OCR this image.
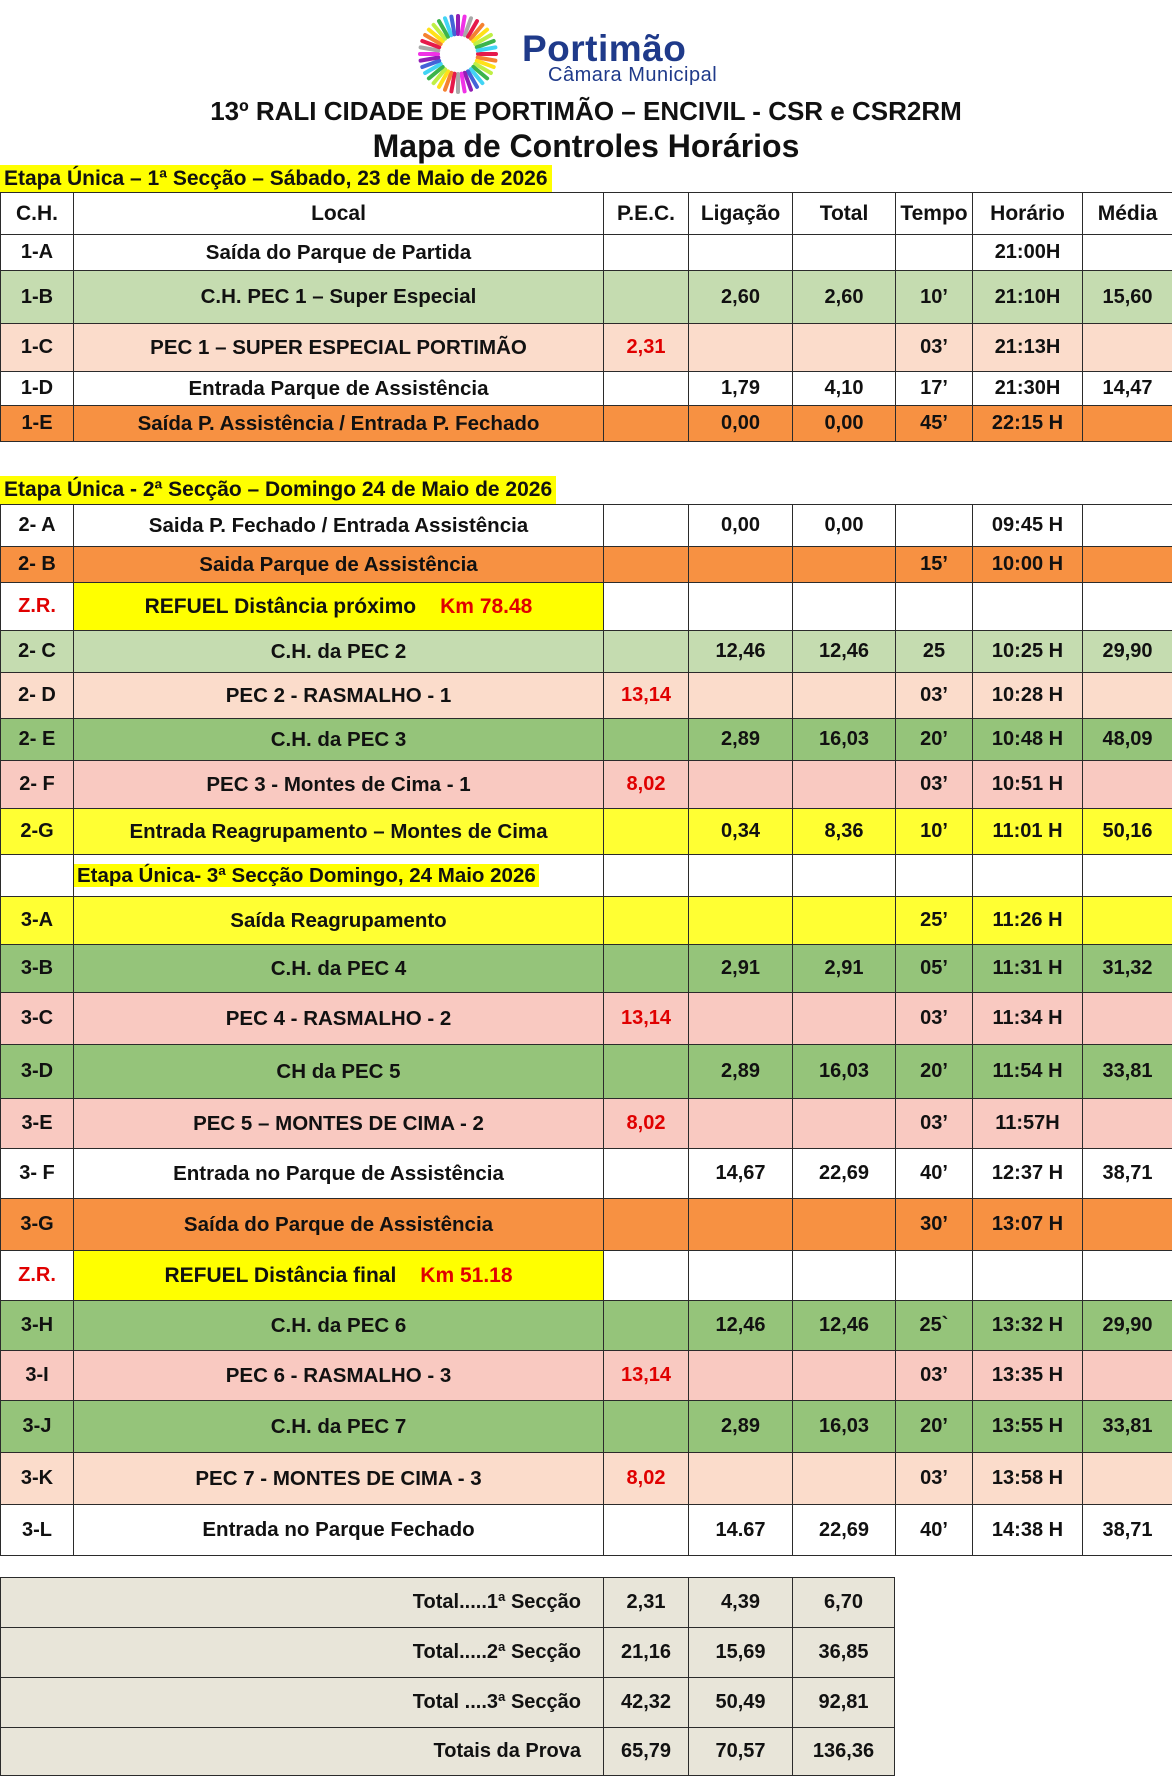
Portimão
Câmara Municipal
13º RALI CIDADE DE PORTIMÃO – ENCIVIL - CSR e CSR2RM
Mapa de Controles Horários
Etapa Única – 1ª Secção – Sábado, 23 de Maio de 2026
C.H.	Local	P.E.C.	Ligação	Total	Tempo	Horário	Média
1-A	Saída do Parque de Partida					21:00H	
1-B	C.H. PEC 1 – Super Especial		2,60	2,60	10’	21:10H	15,60
1-C	PEC 1 – SUPER ESPECIAL PORTIMÃO	2,31			03’	21:13H	
1-D	Entrada Parque de Assistência		1,79	4,10	17’	21:30H	14,47
1-E	Saída P. Assistência / Entrada P. Fechado		0,00	0,00	45’	22:15 H	
Etapa Única - 2ª Secção – Domingo 24 de Maio de 2026
2- A	Saida P. Fechado / Entrada Assistência		0,00	0,00		09:45 H	
2- B	Saida Parque de Assistência				15’	10:00 H	
Z.R.	REFUEL Distância próximo Km 78.48						
2- C	C.H. da PEC 2		12,46	12,46	25	10:25 H	29,90
2- D	PEC 2 - RASMALHO - 1	13,14			03’	10:28 H	
2- E	C.H. da PEC 3		2,89	16,03	20’	10:48 H	48,09
2- F	PEC 3 - Montes de Cima - 1	8,02			03’	10:51 H	
2-G	Entrada Reagrupamento – Montes de Cima		0,34	8,36	10’	11:01 H	50,16
	Etapa Única- 3ª Secção Domingo, 24 Maio 2026						
3-A	Saída Reagrupamento				25’	11:26 H	
3-B	C.H. da PEC 4		2,91	2,91	05’	11:31 H	31,32
3-C	PEC 4 - RASMALHO - 2	13,14			03’	11:34 H	
3-D	CH da PEC 5		2,89	16,03	20’	11:54 H	33,81
3-E	PEC 5 – MONTES DE CIMA - 2	8,02			03’	11:57H	
3- F	Entrada no Parque de Assistência		14,67	22,69	40’	12:37 H	38,71
3-G	Saída do Parque de Assistência				30’	13:07 H	
Z.R.	REFUEL Distância final Km 51.18						
3-H	C.H. da PEC 6		12,46	12,46	25`	13:32 H	29,90
3-I	PEC 6 - RASMALHO - 3	13,14			03’	13:35 H	
3-J	C.H. da PEC 7		2,89	16,03	20’	13:55 H	33,81
3-K	PEC 7 - MONTES DE CIMA - 3	8,02			03’	13:58 H	
3-L	Entrada no Parque Fechado		14.67	22,69	40’	14:38 H	38,71
Total.....1ª Secção	2,31	4,39	6,70
Total.....2ª Secção	21,16	15,69	36,85
Total ....3ª Secção	42,32	50,49	92,81
Totais da Prova	65,79	70,57	136,36
